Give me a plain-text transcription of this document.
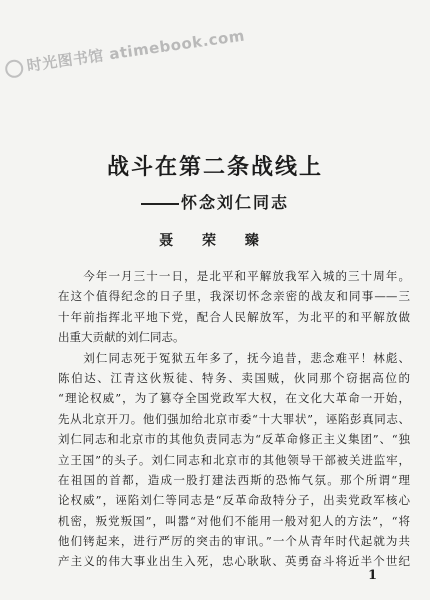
时光图书馆 atimebook.com
战斗在第二条战线上
怀念刘仁同志
聂 荣 臻
　　今年一月三十一日，是北平和平解放我军入城的三十周年。
在这个值得纪念的日子里，我深切怀念亲密的战友和同事——三
十年前指挥北平地下党，配合人民解放军，为北平的和平解放做
出重大贡献的刘仁同志。
　　刘仁同志死于冤狱五年多了，抚今追昔，悲念难平！林彪、
陈伯达、江青这伙叛徒、特务、卖国贼，伙同那个窃据高位的
“理论权威”，为了篡夺全国党政军大权，在文化大革命一开始，
先从北京开刀。他们强加给北京市委“十大罪状”，诬陷彭真同志、
刘仁同志和北京市的其他负责同志为“反革命修正主义集团”、“独
立王国”的头子。刘仁同志和北京市的其他领导干部被关进监牢，
在祖国的首都，造成一股打建法西斯的恐怖气氛。那个所谓“理
论权威”，诬陷刘仁等同志是“反革命敌特分子，出卖党政军核心
机密，叛党叛国”，叫嚣“对他们不能用一般对犯人的方法”，“将
他们铐起来，进行严厉的突击的审讯。”一个从青年时代起就为共
产主义的伟大事业出生入死，忠心耿耿、英勇奋斗将近半个世纪
1
